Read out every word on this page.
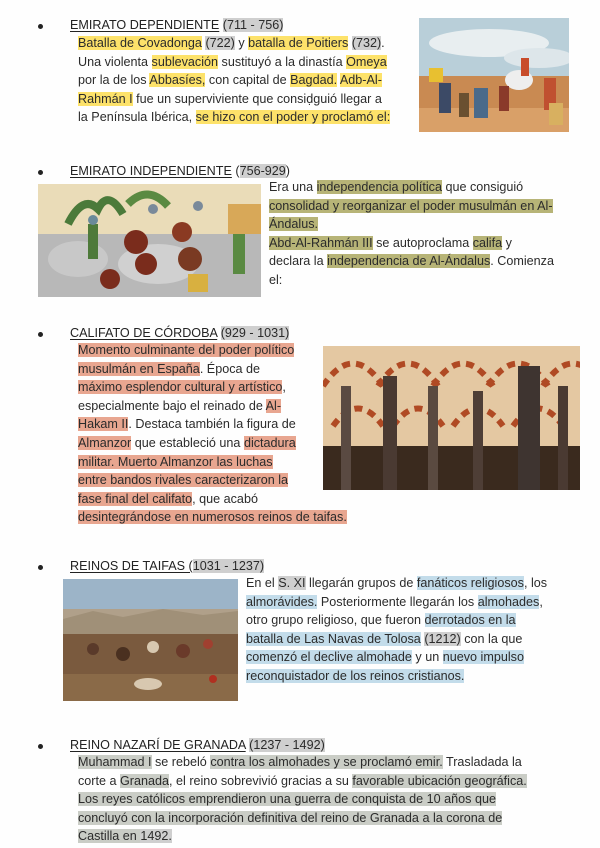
EMIRATO DEPENDIENTE (711 - 756)

Batalla de Covadonga (722) y batalla de Poitiers (732).

Una violenta sublevación sustituyó a la dinastía Omeya

por la de los Abbasíes, con capital de Bagdad. Adb-Al-

Rahmán I fue un superviviente que consiḍguió llegar a

la Península Ibérica, se hizo con el poder y proclamó el:

EMIRATO INDEPENDIENTE (756-929)

Era una independencia política que consiguió

consolidad y reorganizar el poder musulmán en Al-

Ándalus.

Abd-Al-Rahmán III se autoproclama califa y

declara la independencia de Al-Ándalus. Comienza

el:

CALIFATO DE CÓRDOBA (929 - 1031)

Momento culminante del poder político

musulmán en España. Época de

máximo esplendor cultural y artístico,

especialmente bajo el reinado de Al-

Hakam II. Destaca también la figura de

Almanzor que estableció una dictadura

militar. Muerto Almanzor las luchas

entre bandos rivales caracterizaron la

fase final del califato, que acabó

desintegrándose en numerosos reinos de taifas.

REINOS DE TAIFAS (1031 - 1237)

En el S. XI llegarán grupos de fanáticos religiosos, los

almorávides. Posteriormente llegarán los almohades,

otro grupo religioso, que fueron derrotados en la

batalla de Las Navas de Tolosa (1212) con la que

comenzó el declive almohade y un nuevo impulso

reconquistador de los reinos cristianos.

REINO NAZARÍ DE GRANADA (1237 - 1492)

Muhammad I se rebeló contra los almohades y se proclamó emir. Trasladada la

corte a Granada, el reino sobrevivió gracias a su favorable ubicación geográfica.

Los reyes católicos emprendieron una guerra de conquista de 10 años que

concluyó con la incorporación definitiva del reino de Granada a la corona de

Castilla en 1492.
